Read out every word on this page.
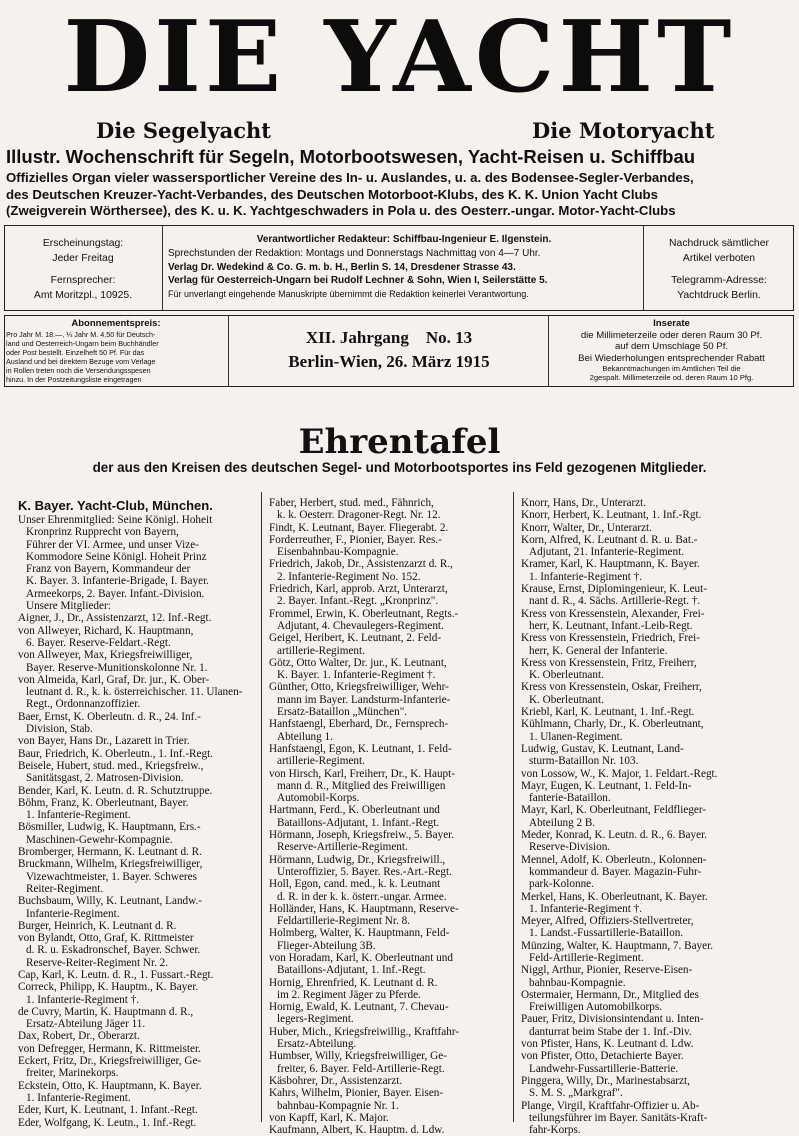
DIE YACHT
Die Segelyacht	Die Motoryacht
Illustr. Wochenschrift für Segeln, Motorbootswesen, Yacht-Reisen u. Schiffbau
Offizielles Organ vieler wassersportlicher Vereine des In- u. Auslandes, u. a. des Bodensee-Segler-Verbandes,
des Deutschen Kreuzer-Yacht-Verbandes, des Deutschen Motorboot-Klubs, des K. K. Union Yacht Clubs
(Zweigverein Wörthersee), des K. u. K. Yachtgeschwaders in Pola u. des Oesterr.-ungar. Motor-Yacht-Clubs
Erscheinungstag:
Jeder Freitag
Fernsprecher:
Amt Moritzpl., 10925.
Verantwortlicher Redakteur: Schiffbau-Ingenieur E. Ilgenstein.
Sprechstunden der Redaktion: Montags und Donnerstags Nachmittag von 4—7 Uhr.
Verlag Dr. Wedekind & Co. G. m. b. H., Berlin S. 14, Dresdener Strasse 43.
Verlag für Oesterreich-Ungarn bei Rudolf Lechner & Sohn, Wien I, Seilerstätte 5.
Für unverlangt eingehende Manuskripte übernimmt die Redaktion keinerlei Verantwortung.
Nachdruck sämtlicher
Artikel verboten
Telegramm-Adresse:
Yachtdruck Berlin.
Abonnementspreis:
Pro Jahr M. 18.—, ¼ Jahr M. 4.50 für Deutsch-
land und Oesterreich-Ungarn beim Buchhändler
oder Post bestellt. Einzelheft 50 Pf. Für das
Ausland und bei direktem Bezuge vom Verlage
in Rollen treten noch die Versendungsspesen
hinzu. In der Postzeitungsliste eingetragen
XII. Jahrgang No. 13
Berlin-Wien, 26. März 1915
Inserate
die Millimeterzeile oder deren Raum 30 Pf.
auf dem Umschlage 50 Pf.
Bei Wiederholungen entsprechender Rabatt
Bekanntmachungen im Amtlichen Teil die
2gespalt. Millimeterzeile od. deren Raum 10 Pfg.
Ehrentafel
der aus den Kreisen des deutschen Segel- und Motorbootsportes ins Feld gezogenen Mitglieder.

K. Bayer. Yacht-Club, München.

Unser Ehrenmitglied: Seine Königl. Hoheit

Kronprinz Rupprecht von Bayern,

Führer der VI. Armee, und unser Vize-

Kommodore Seine Königl. Hoheit Prinz

Franz von Bayern, Kommandeur der

K. Bayer. 3. Infanterie-Brigade, I. Bayer.

Armeekorps, 2. Bayer. Infant.-Division.

Unsere Mitglieder:

Aigner, J., Dr., Assistenzarzt, 12. Inf.-Regt.

von Allweyer, Richard, K. Hauptmann,

6. Bayer. Reserve-Feldart.-Regt.

von Allweyer, Max, Kriegsfreiwilliger,

Bayer. Reserve-Munitionskolonne Nr. 1.

von Almeida, Karl, Graf, Dr. jur., K. Ober-

leutnant d. R., k. k. österreichischer. 11. Ulanen-

Regt., Ordonnanzoffizier.

Baer, Ernst, K. Oberleutn. d. R., 24. Inf.-

Division, Stab.

von Bayer, Hans Dr., Lazarett in Trier.

Baur, Friedrich, K. Oberleutn., 1. Inf.-Regt.

Beisele, Hubert, stud. med., Kriegsfreiw.,

Sanitätsgast, 2. Matrosen-Division.

Bender, Karl, K. Leutn. d. R. Schutztruppe.

Böhm, Franz, K. Oberleutnant, Bayer.

1. Infanterie-Regiment.

Bösmiller, Ludwig, K. Hauptmann, Ers.-

Maschinen-Gewehr-Kompagnie.

Bromberger, Hermann, K. Leutnant d. R.

Bruckmann, Wilhelm, Kriegsfreiwilliger,

Vizewachtmeister, 1. Bayer. Schweres

Reiter-Regiment.

Buchsbaum, Willy, K. Leutnant, Landw.-

Infanterie-Regiment.

Burger, Heinrich, K. Leutnant d. R.

von Bylandt, Otto, Graf, K. Rittmeister

d. R. u. Eskadronschef, Bayer. Schwer.

Reserve-Reiter-Regiment Nr. 2.

Cap, Karl, K. Leutn. d. R., 1. Fussart.-Regt.

Correck, Philipp, K. Hauptm., K. Bayer.

1. Infanterie-Regiment †.

de Cuvry, Martin, K. Hauptmann d. R.,

Ersatz-Abteilung Jäger 11.

Dax, Robert, Dr., Oberarzt.

von Defregger, Hermann, K. Rittmeister.

Eckert, Fritz, Dr., Kriegsfreiwilliger, Ge-

freiter, Marinekorps.

Eckstein, Otto, K. Hauptmann, K. Bayer.

1. Infanterie-Regiment.

Eder, Kurt, K. Leutnant, 1. Infant.-Regt.

Eder, Wolfgang, K. Leutn., 1. Inf.-Regt.

Faber, Herbert, stud. med., Fähnrich,

k. k. Oesterr. Dragoner-Regt. Nr. 12.

Findt, K. Leutnant, Bayer. Fliegerabt. 2.

Forderreuther, F., Pionier, Bayer. Res.-

Eisenbahnbau-Kompagnie.

Friedrich, Jakob, Dr., Assistenzarzt d. R.,

2. Infanterie-Regiment No. 152.

Friedrich, Karl, approb. Arzt, Unterarzt,

2. Bayer. Infant.-Regt. „Kronprinz".

Frommel, Erwin, K. Oberleutnant, Regts.-

Adjutant, 4. Chevaulegers-Regiment.

Geigel, Heribert, K. Leutnant, 2. Feld-

artillerie-Regiment.

Götz, Otto Walter, Dr. jur., K. Leutnant,

K. Bayer. 1. Infanterie-Regiment †.

Günther, Otto, Kriegsfreiwilliger, Wehr-

mann im Bayer. Landsturm-Infanterie-

Ersatz-Bataillon „München".

Hanfstaengl, Eberhard, Dr., Fernsprech-

Abteilung 1.

Hanfstaengl, Egon, K. Leutnant, 1. Feld-

artillerie-Regiment.

von Hirsch, Karl, Freiherr, Dr., K. Haupt-

mann d. R., Mitglied des Freiwilligen

Automobil-Korps.

Hartmann, Ferd., K. Oberleutnant und

Bataillons-Adjutant, 1. Infant.-Regt.

Hörmann, Joseph, Kriegsfreiw., 5. Bayer.

Reserve-Artillerie-Regiment.

Hörmann, Ludwig, Dr., Kriegsfreiwill.,

Unteroffizier, 5. Bayer. Res.-Art.-Regt.

Holl, Egon, cand. med., k. k. Leutnant

d. R. in der k. k. österr.-ungar. Armee.

Holländer, Hans, K. Hauptmann, Reserve-

Feldartillerie-Regiment Nr. 8.

Holmberg, Walter, K. Hauptmann, Feld-

Flieger-Abteilung 3B.

von Horadam, Karl, K. Oberleutnant und

Bataillons-Adjutant, 1. Inf.-Regt.

Hornig, Ehrenfried, K. Leutnant d. R.

im 2. Regiment Jäger zu Pferde.

Hornig, Ewald, K. Leutnant, 7. Chevau-

legers-Regiment.

Huber, Mich., Kriegsfreiwillig., Kraftfahr-

Ersatz-Abteilung.

Humbser, Willy, Kriegsfreiwilliger, Ge-

freiter, 6. Bayer. Feld-Artillerie-Regt.

Käsbohrer, Dr., Assistenzarzt.

Kahrs, Wilhelm, Pionier, Bayer. Eisen-

bahnbau-Kompagnie Nr. 1.

von Kapff, Karl, K. Major.

Kaufmann, Albert, K. Hauptm. d. Ldw.

Knorr, Hans, Dr., Unterarzt.

Knorr, Herbert, K. Leutnant, 1. Inf.-Rgt.

Knorr, Walter, Dr., Unterarzt.

Korn, Alfred, K. Leutnant d. R. u. Bat.-

Adjutant, 21. Infanterie-Regiment.

Kramer, Karl, K. Hauptmann, K. Bayer.

1. Infanterie-Regiment †.

Krause, Ernst, Diplomingenieur, K. Leut-

nant d. R., 4. Sächs. Artillerie-Regt. †.

Kress von Kressenstein, Alexander, Frei-

herr, K. Leutnant, Infant.-Leib-Regt.

Kress von Kressenstein, Friedrich, Frei-

herr, K. General der Infanterie.

Kress von Kressenstein, Fritz, Freiherr,

K. Oberleutnant.

Kress von Kressenstein, Oskar, Freiherr,

K. Oberleutnant.

Kriebl, Karl, K. Leutnant, 1. Inf.-Regt.

Kühlmann, Charly, Dr., K. Oberleutnant,

1. Ulanen-Regiment.

Ludwig, Gustav, K. Leutnant, Land-

sturm-Bataillon Nr. 103.

von Lossow, W., K. Major, 1. Feldart.-Regt.

Mayr, Eugen, K. Leutnant, 1. Feld-In-

fanterie-Bataillon.

Mayr, Karl, K. Oberleutnant, Feldflieger-

Abteilung 2 B.

Meder, Konrad, K. Leutn. d. R., 6. Bayer.

Reserve-Division.

Mennel, Adolf, K. Oberleutn., Kolonnen-

kommandeur d. Bayer. Magazin-Fuhr-

park-Kolonne.

Merkel, Hans, K. Oberleutnant, K. Bayer.

1. Infanterie-Regiment †.

Meyer, Alfred, Offiziers-Stellvertreter,

1. Landst.-Fussartillerie-Bataillon.

Münzing, Walter, K. Hauptmann, 7. Bayer.

Feld-Artillerie-Regiment.

Niggl, Arthur, Pionier, Reserve-Eisen-

bahnbau-Kompagnie.

Ostermaier, Hermann, Dr., Mitglied des

Freiwilligen Automobilkorps.

Pauer, Fritz, Divisionsintendant u. Inten-

danturrat beim Stabe der 1. Inf.-Div.

von Pfister, Hans, K. Leutnant d. Ldw.

von Pfister, Otto, Detachierte Bayer.

Landwehr-Fussartillerie-Batterie.

Pinggera, Willy, Dr., Marinestabsarzt,

S. M. S. „Markgraf".

Plange, Virgil, Kraftfahr-Offizier u. Ab-

teilungsführer im Bayer. Sanitäts-Kraft-

fahr-Korps.
